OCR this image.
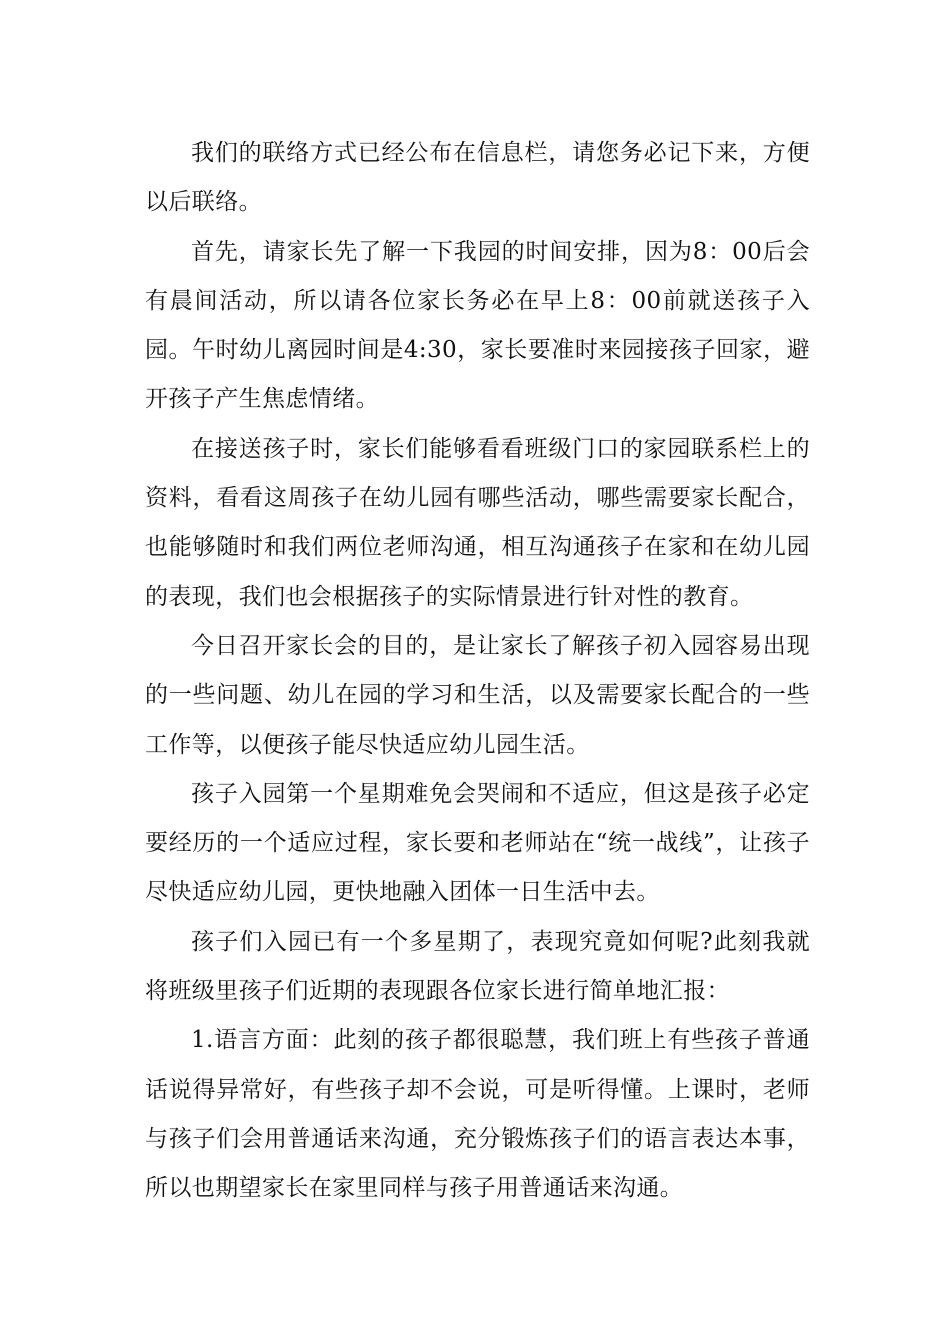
我们的联络方式已经公布在信息栏，请您务必记下来，方便以后联络。

首先，请家长先了解一下我园的时间安排，因为8：00后会有晨间活动，所以请各位家长务必在早上8：00前就送孩子入园。午时幼儿离园时间是4:30，家长要准时来园接孩子回家，避开孩子产生焦虑情绪。

在接送孩子时，家长们能够看看班级门口的家园联系栏上的资料，看看这周孩子在幼儿园有哪些活动，哪些需要家长配合，也能够随时和我们两位老师沟通，相互沟通孩子在家和在幼儿园的表现，我们也会根据孩子的实际情景进行针对性的教育。

今日召开家长会的目的，是让家长了解孩子初入园容易出现的一些问题、幼儿在园的学习和生活，以及需要家长配合的一些工作等，以便孩子能尽快适应幼儿园生活。

孩子入园第一个星期难免会哭闹和不适应，但这是孩子必定要经历的一个适应过程，家长要和老师站在“统一战线”，让孩子尽快适应幼儿园，更快地融入团体一日生活中去。

孩子们入园已有一个多星期了，表现究竟如何呢?此刻我就将班级里孩子们近期的表现跟各位家长进行简单地汇报：

1.语言方面：此刻的孩子都很聪慧，我们班上有些孩子普通话说得异常好，有些孩子却不会说，可是听得懂。上课时，老师与孩子们会用普通话来沟通，充分锻炼孩子们的语言表达本事，所以也期望家长在家里同样与孩子用普通话来沟通。
